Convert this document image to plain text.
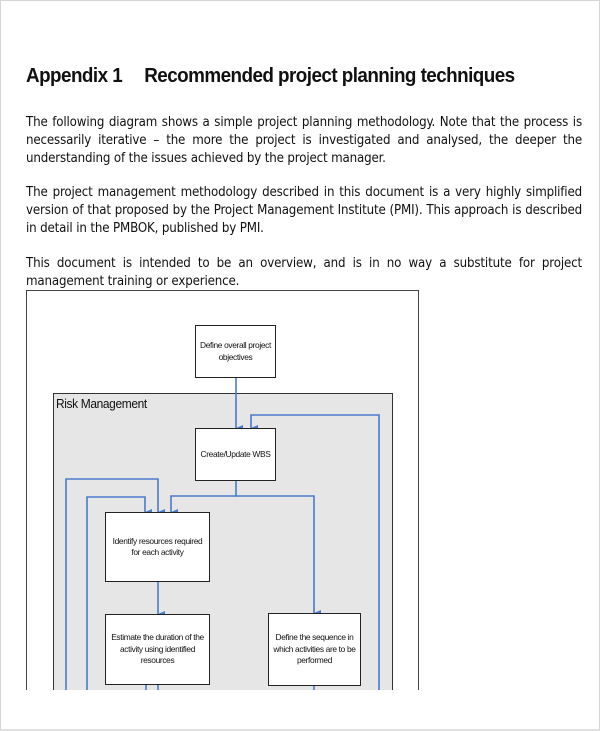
Appendix 1 Recommended project planning techniques

The following diagram shows a simple project planning methodology. Note that the process is necessarily iterative – the more the project is investigated and analysed, the deeper the understanding of the issues achieved by the project manager.

The project management methodology described in this document is a very highly simplified version of that proposed by the Project Management Institute (PMI). This approach is described in detail in the PMBOK, published by PMI.

This document is intended to be an overview, and is in no way a substitute for project management training or experience.

Risk Management
Define overall project objectives
Create/Update WBS
Identify resources required for each activity
Estimate the duration of the activity using identified resources
Define the sequence in which activities are to be performed
